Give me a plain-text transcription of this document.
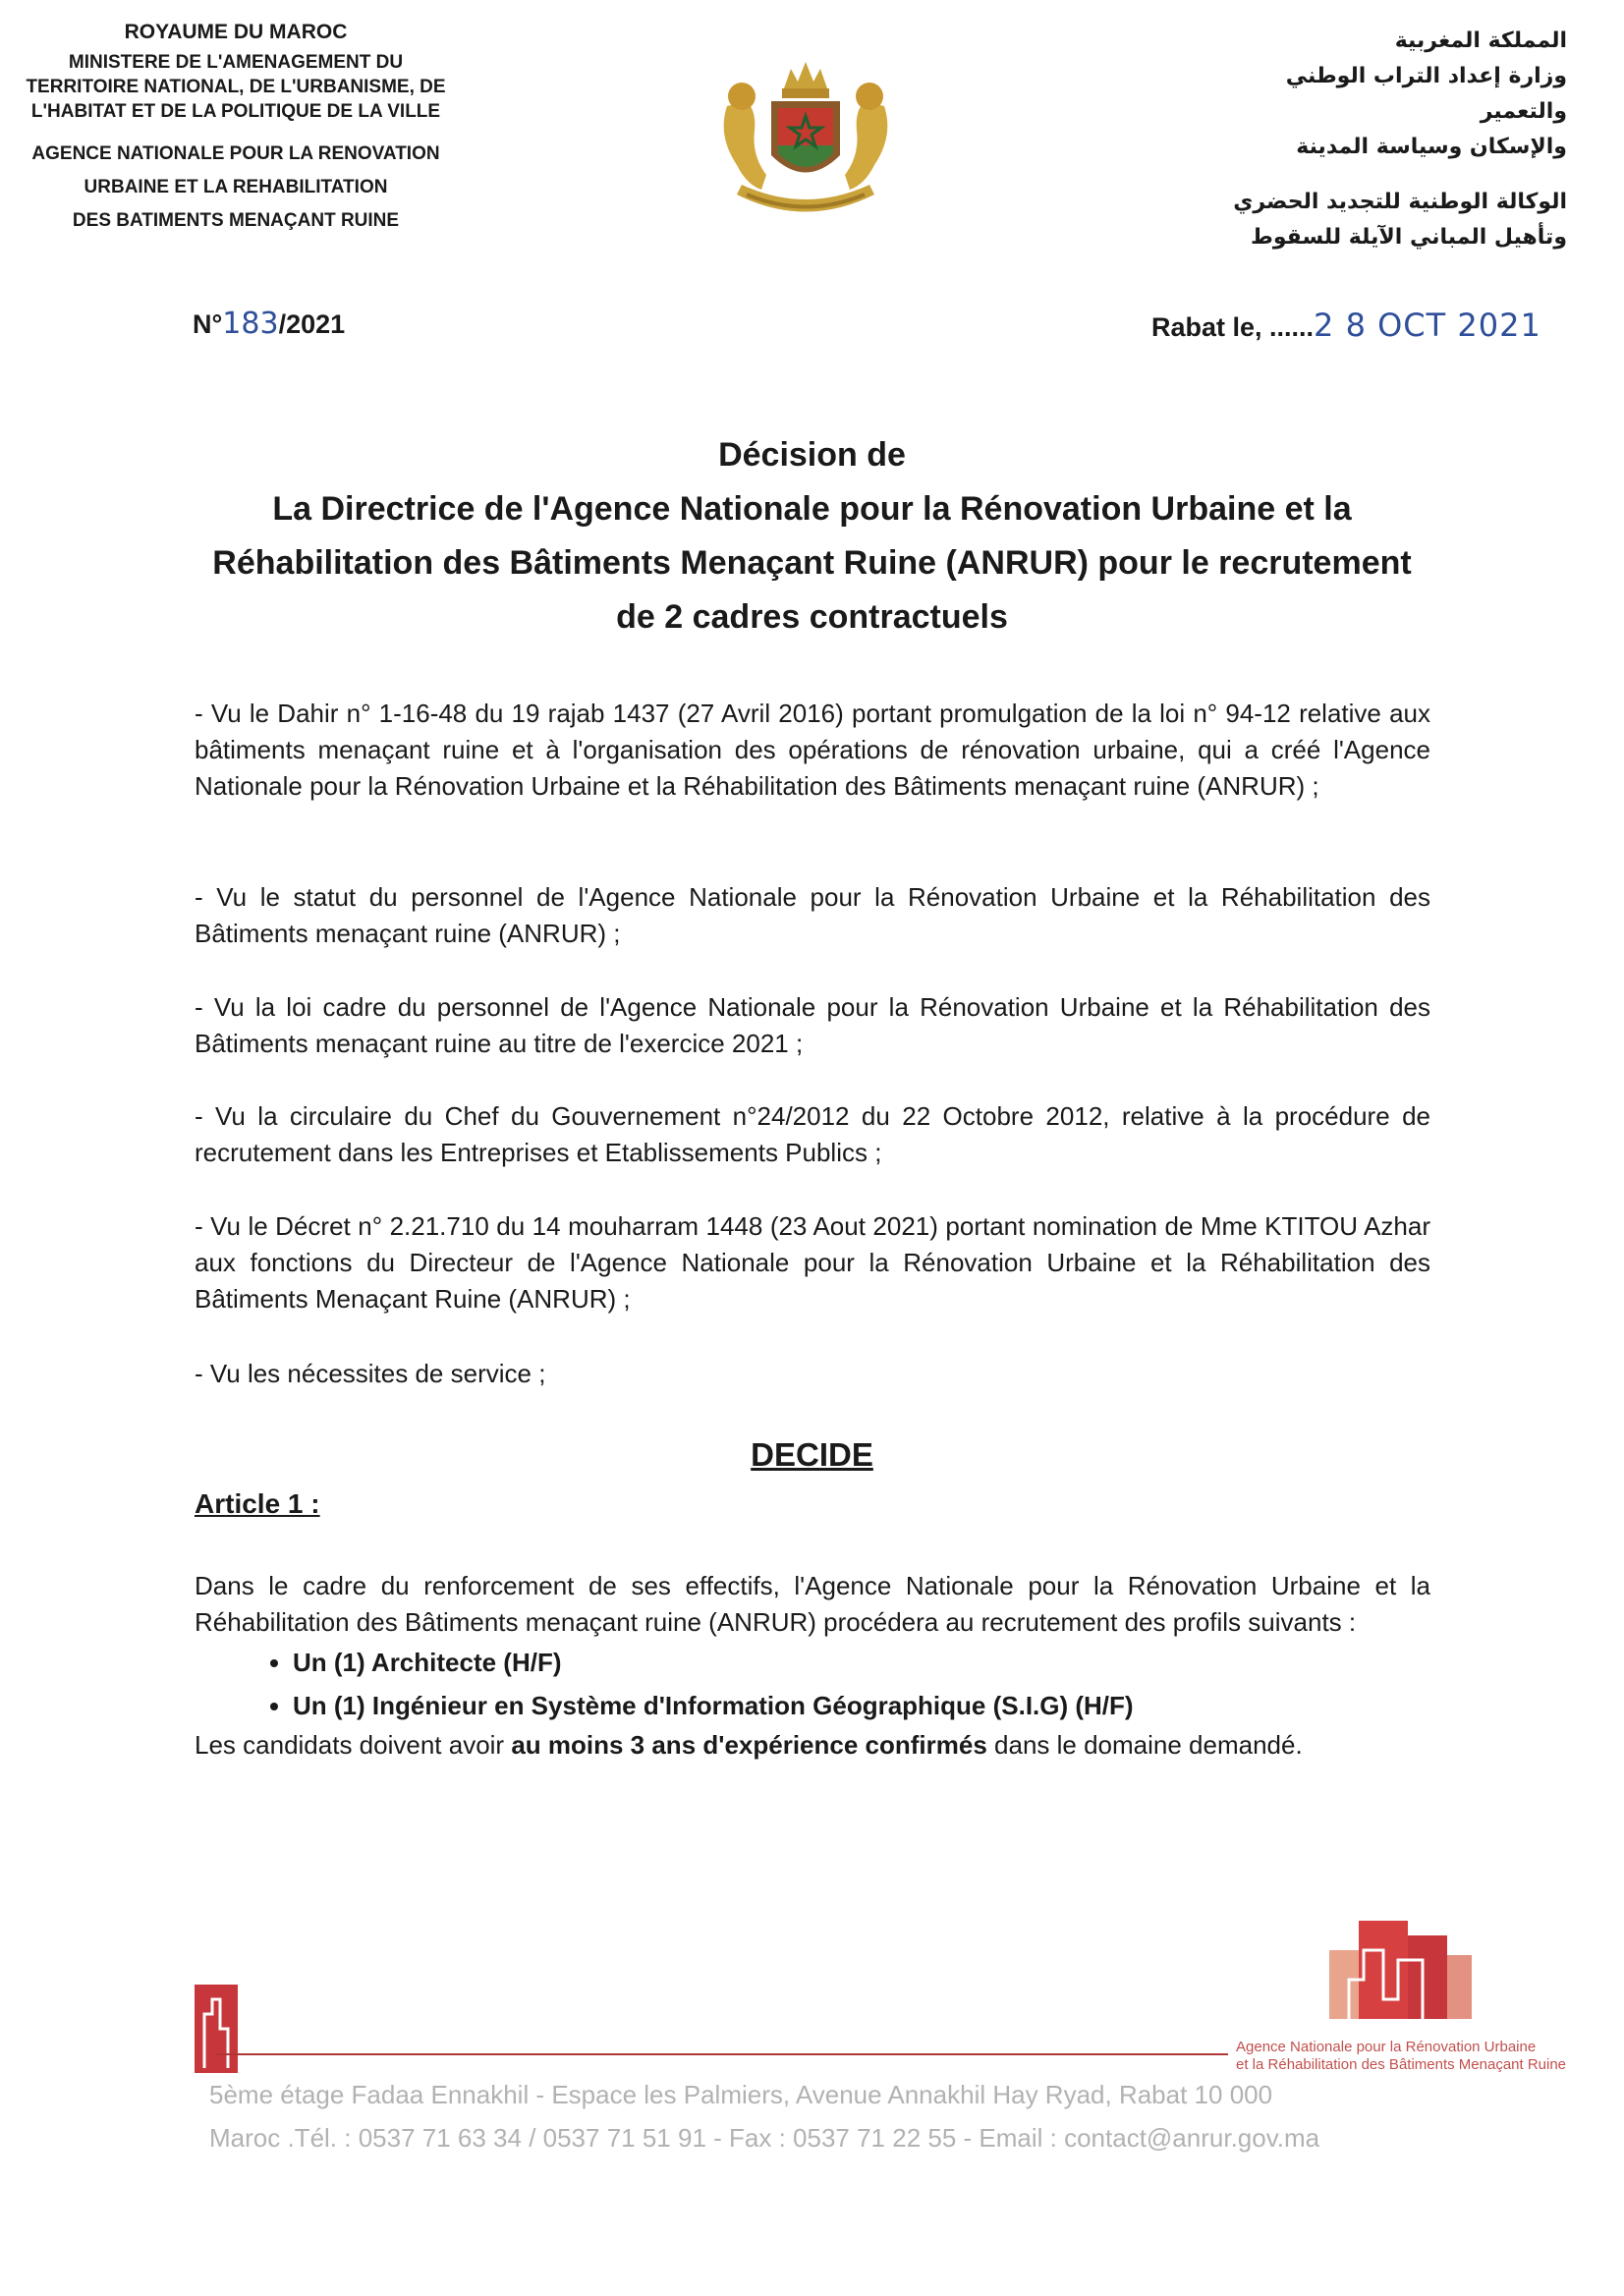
ROYAUME DU MAROC
MINISTERE DE L'AMENAGEMENT DU
TERRITOIRE NATIONAL, DE L'URBANISME, DE
L'HABITAT ET DE LA POLITIQUE DE LA VILLE
AGENCE NATIONALE POUR LA RENOVATION
URBAINE ET LA REHABILITATION
DES BATIMENTS MENAÇANT RUINE
المملكة المغربية
وزارة إعداد التراب الوطني والتعمير
والإسكان وسياسة المدينة
الوكالة الوطنية للتجديد الحضري
وتأهيل المباني الآيلة للسقوط
N°183/2021	Rabat le, ......2 8 OCT 2021
Décision de
La Directrice de l'Agence Nationale pour la Rénovation Urbaine et la
Réhabilitation des Bâtiments Menaçant Ruine (ANRUR) pour le recrutement
de 2 cadres contractuels
- Vu le Dahir n° 1-16-48 du 19 rajab 1437 (27 Avril 2016) portant promulgation de la loi n° 94-12 relative aux bâtiments menaçant ruine et à l'organisation des opérations de rénovation urbaine, qui a créé l'Agence Nationale pour la Rénovation Urbaine et la Réhabilitation des Bâtiments menaçant ruine (ANRUR) ;
- Vu le statut du personnel de l'Agence Nationale pour la Rénovation Urbaine et la Réhabilitation des Bâtiments menaçant ruine (ANRUR) ;
- Vu la loi cadre du personnel de l'Agence Nationale pour la Rénovation Urbaine et la Réhabilitation des Bâtiments menaçant ruine au titre de l'exercice 2021 ;
- Vu la circulaire du Chef du Gouvernement n°24/2012 du 22 Octobre 2012, relative à la procédure de recrutement dans les Entreprises et Etablissements Publics ;
- Vu le Décret n° 2.21.710 du 14 mouharram 1448 (23 Aout 2021) portant nomination de Mme KTITOU Azhar aux fonctions du Directeur de l'Agence Nationale pour la Rénovation Urbaine et la Réhabilitation des Bâtiments Menaçant Ruine (ANRUR) ;
- Vu les nécessites de service ;
DECIDE
Article 1 :
Dans le cadre du renforcement de ses effectifs, l'Agence Nationale pour la Rénovation Urbaine et la Réhabilitation des Bâtiments menaçant ruine (ANRUR) procédera au recrutement des profils suivants :
• Un (1) Architecte (H/F)
• Un (1) Ingénieur en Système d'Information Géographique (S.I.G) (H/F)
Les candidats doivent avoir au moins 3 ans d'expérience confirmés dans le domaine demandé.
Agence Nationale pour la Rénovation Urbaine
et la Réhabilitation des Bâtiments Menaçant Ruine
5ème étage Fadaa Ennakhil - Espace les Palmiers, Avenue Annakhil Hay Ryad, Rabat 10 000
Maroc .Tél. : 0537 71 63 34 / 0537 71 51 91 - Fax : 0537 71 22 55 - Email : contact@anrur.gov.ma
